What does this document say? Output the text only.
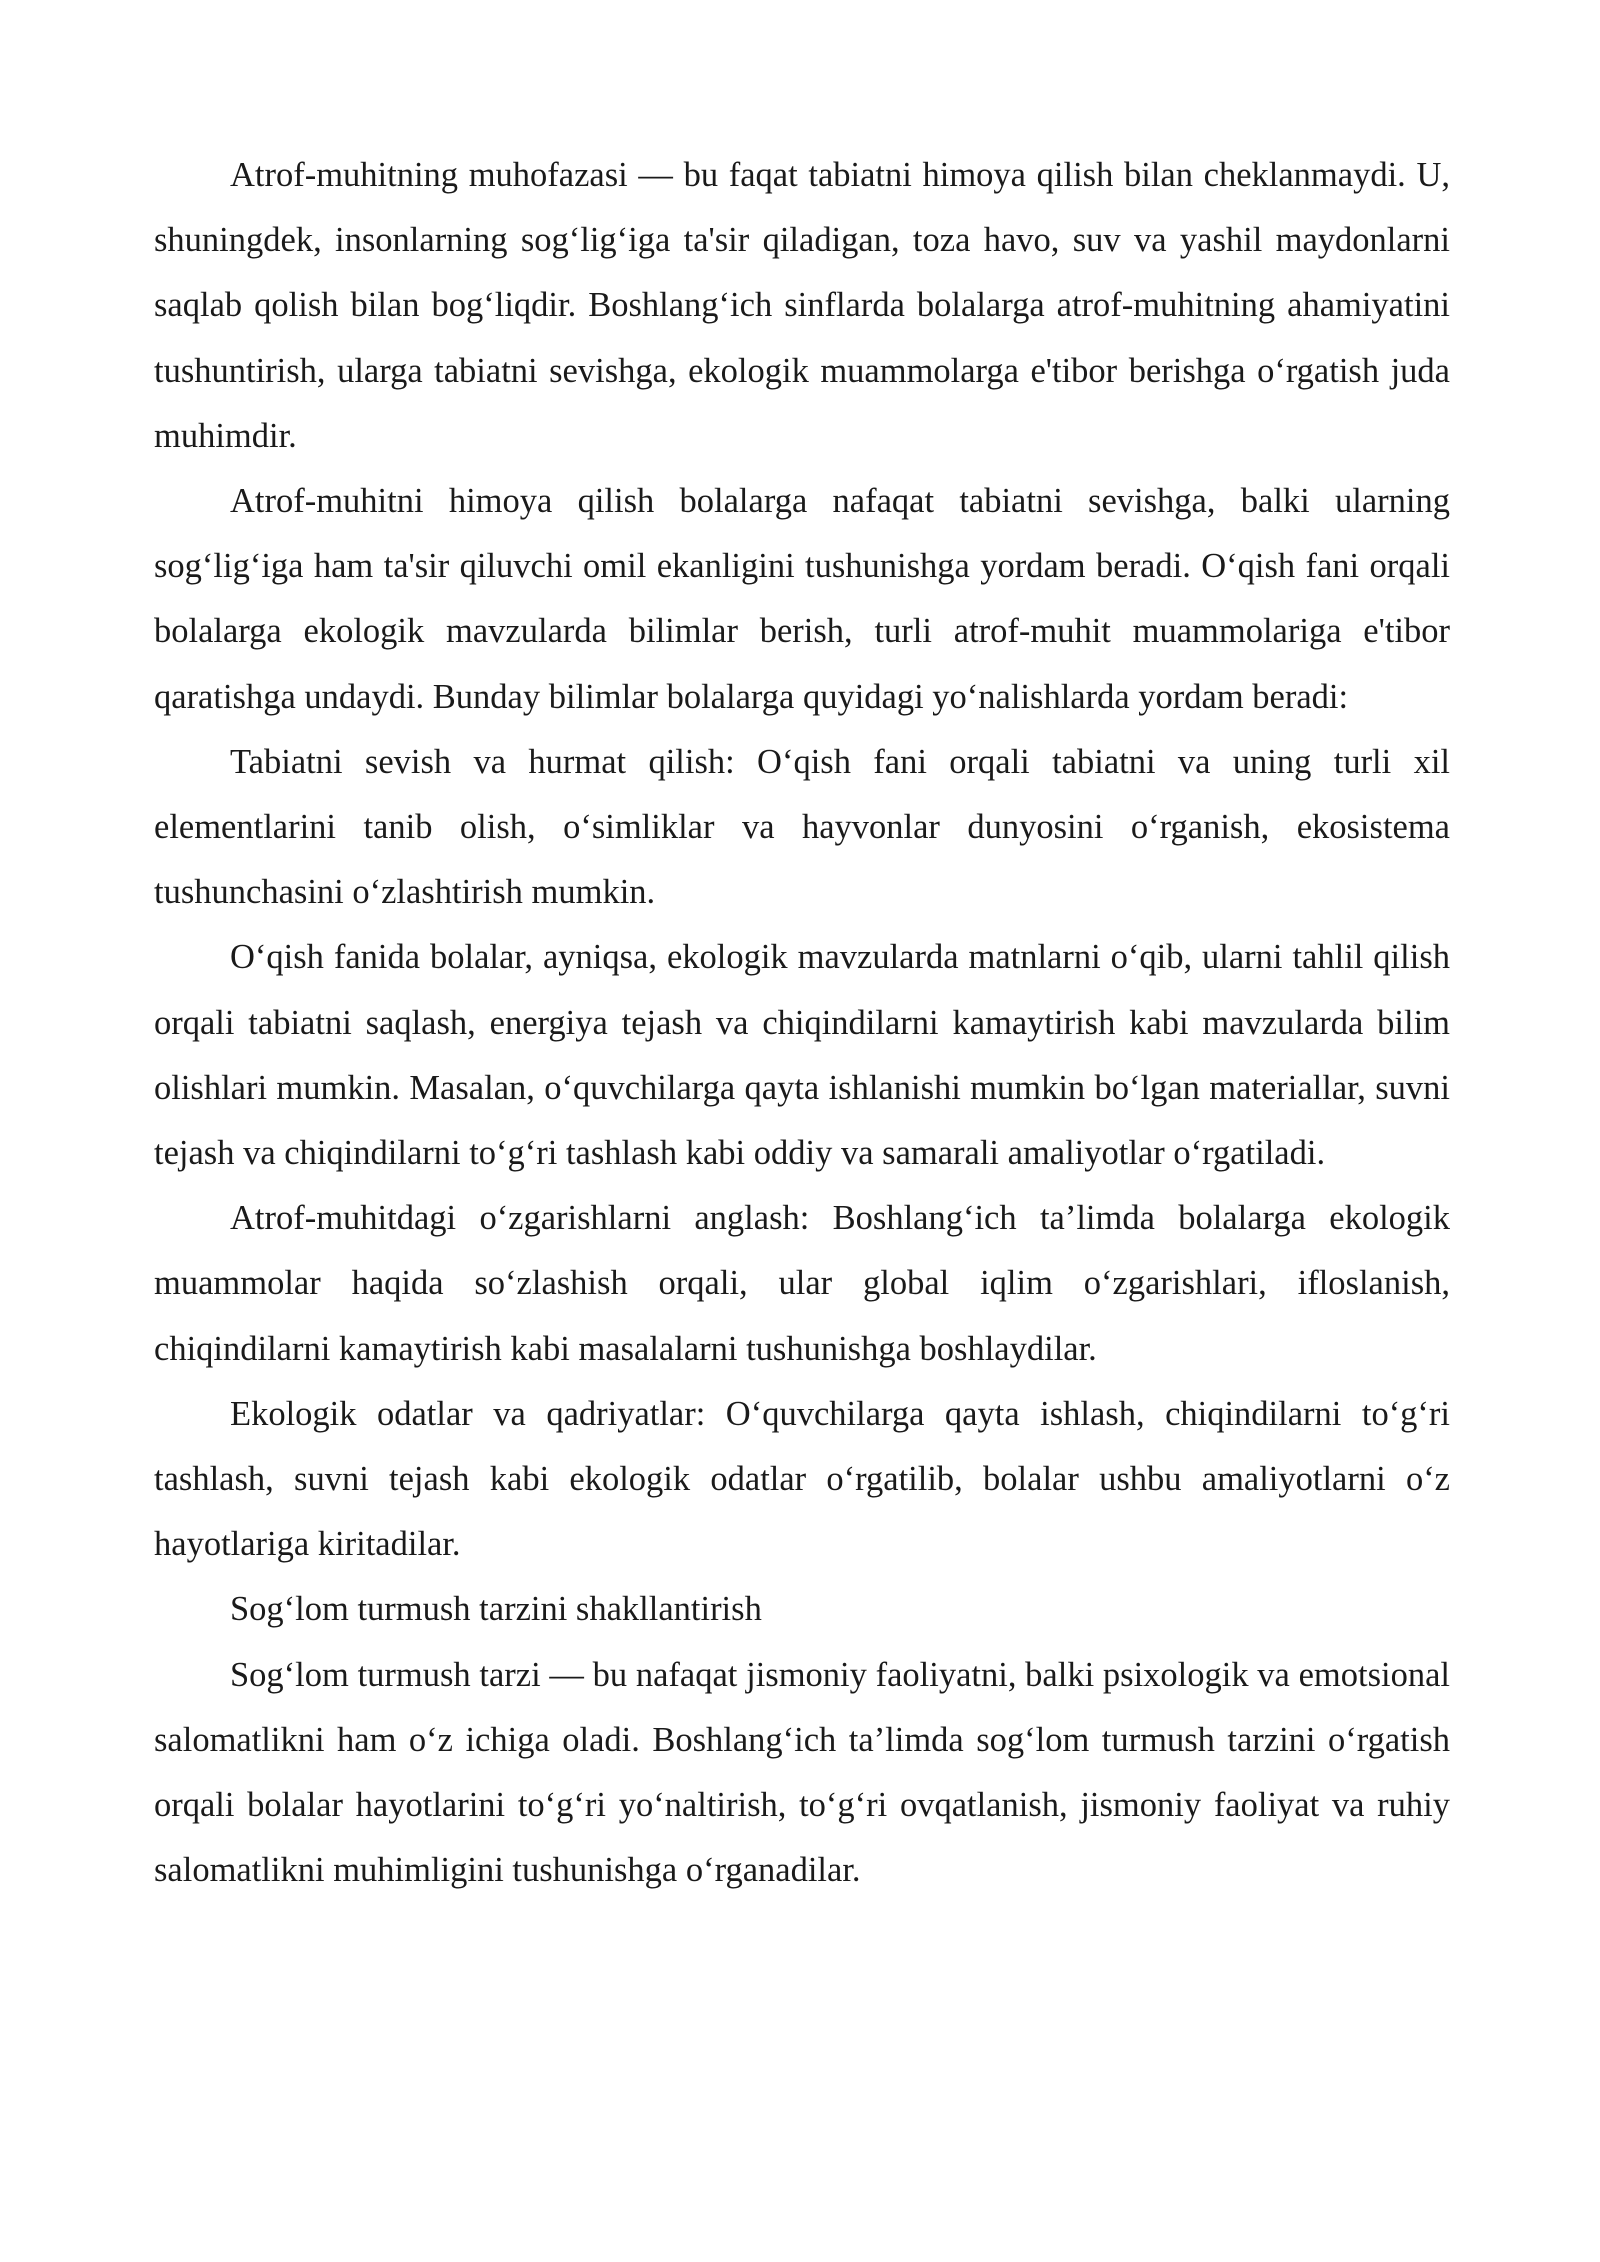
Atrof-muhitning muhofazasi — bu faqat tabiatni himoya qilish bilan cheklanmaydi. U, shuningdek, insonlarning sog‘lig‘iga ta'sir qiladigan, toza havo, suv va yashil maydonlarni saqlab qolish bilan bog‘liqdir. Boshlang‘ich sinflarda bolalarga atrof-muhitning ahamiyatini tushuntirish, ularga tabiatni sevishga, ekologik muammolarga e'tibor berishga o‘rgatish juda muhimdir.

Atrof-muhitni himoya qilish bolalarga nafaqat tabiatni sevishga, balki ularning sog‘lig‘iga ham ta'sir qiluvchi omil ekanligini tushunishga yordam beradi. O‘qish fani orqali bolalarga ekologik mavzularda bilimlar berish, turli atrof-muhit muammolariga e'tibor qaratishga undaydi. Bunday bilimlar bolalarga quyidagi yo‘nalishlarda yordam beradi:

Tabiatni sevish va hurmat qilish: O‘qish fani orqali tabiatni va uning turli xil elementlarini tanib olish, o‘simliklar va hayvonlar dunyosini o‘rganish, ekosistema tushunchasini o‘zlashtirish mumkin.

O‘qish fanida bolalar, ayniqsa, ekologik mavzularda matnlarni o‘qib, ularni tahlil qilish orqali tabiatni saqlash, energiya tejash va chiqindilarni kamaytirish kabi mavzularda bilim olishlari mumkin. Masalan, o‘quvchilarga qayta ishlanishi mumkin bo‘lgan materiallar, suvni tejash va chiqindilarni to‘g‘ri tashlash kabi oddiy va samarali amaliyotlar o‘rgatiladi.

Atrof-muhitdagi o‘zgarishlarni anglash: Boshlang‘ich ta’limda bolalarga ekologik muammolar haqida so‘zlashish orqali, ular global iqlim o‘zgarishlari, ifloslanish, chiqindilarni kamaytirish kabi masalalarni tushunishga boshlaydilar.

Ekologik odatlar va qadriyatlar: O‘quvchilarga qayta ishlash, chiqindilarni to‘g‘ri tashlash, suvni tejash kabi ekologik odatlar o‘rgatilib, bolalar ushbu amaliyotlarni o‘z hayotlariga kiritadilar.

Sog‘lom turmush tarzini shakllantirish

Sog‘lom turmush tarzi — bu nafaqat jismoniy faoliyatni, balki psixologik va emotsional salomatlikni ham o‘z ichiga oladi. Boshlang‘ich ta’limda sog‘lom turmush tarzini o‘rgatish orqali bolalar hayotlarini to‘g‘ri yo‘naltirish, to‘g‘ri ovqatlanish, jismoniy faoliyat va ruhiy salomatlikni muhimligini tushunishga o‘rganadilar.
